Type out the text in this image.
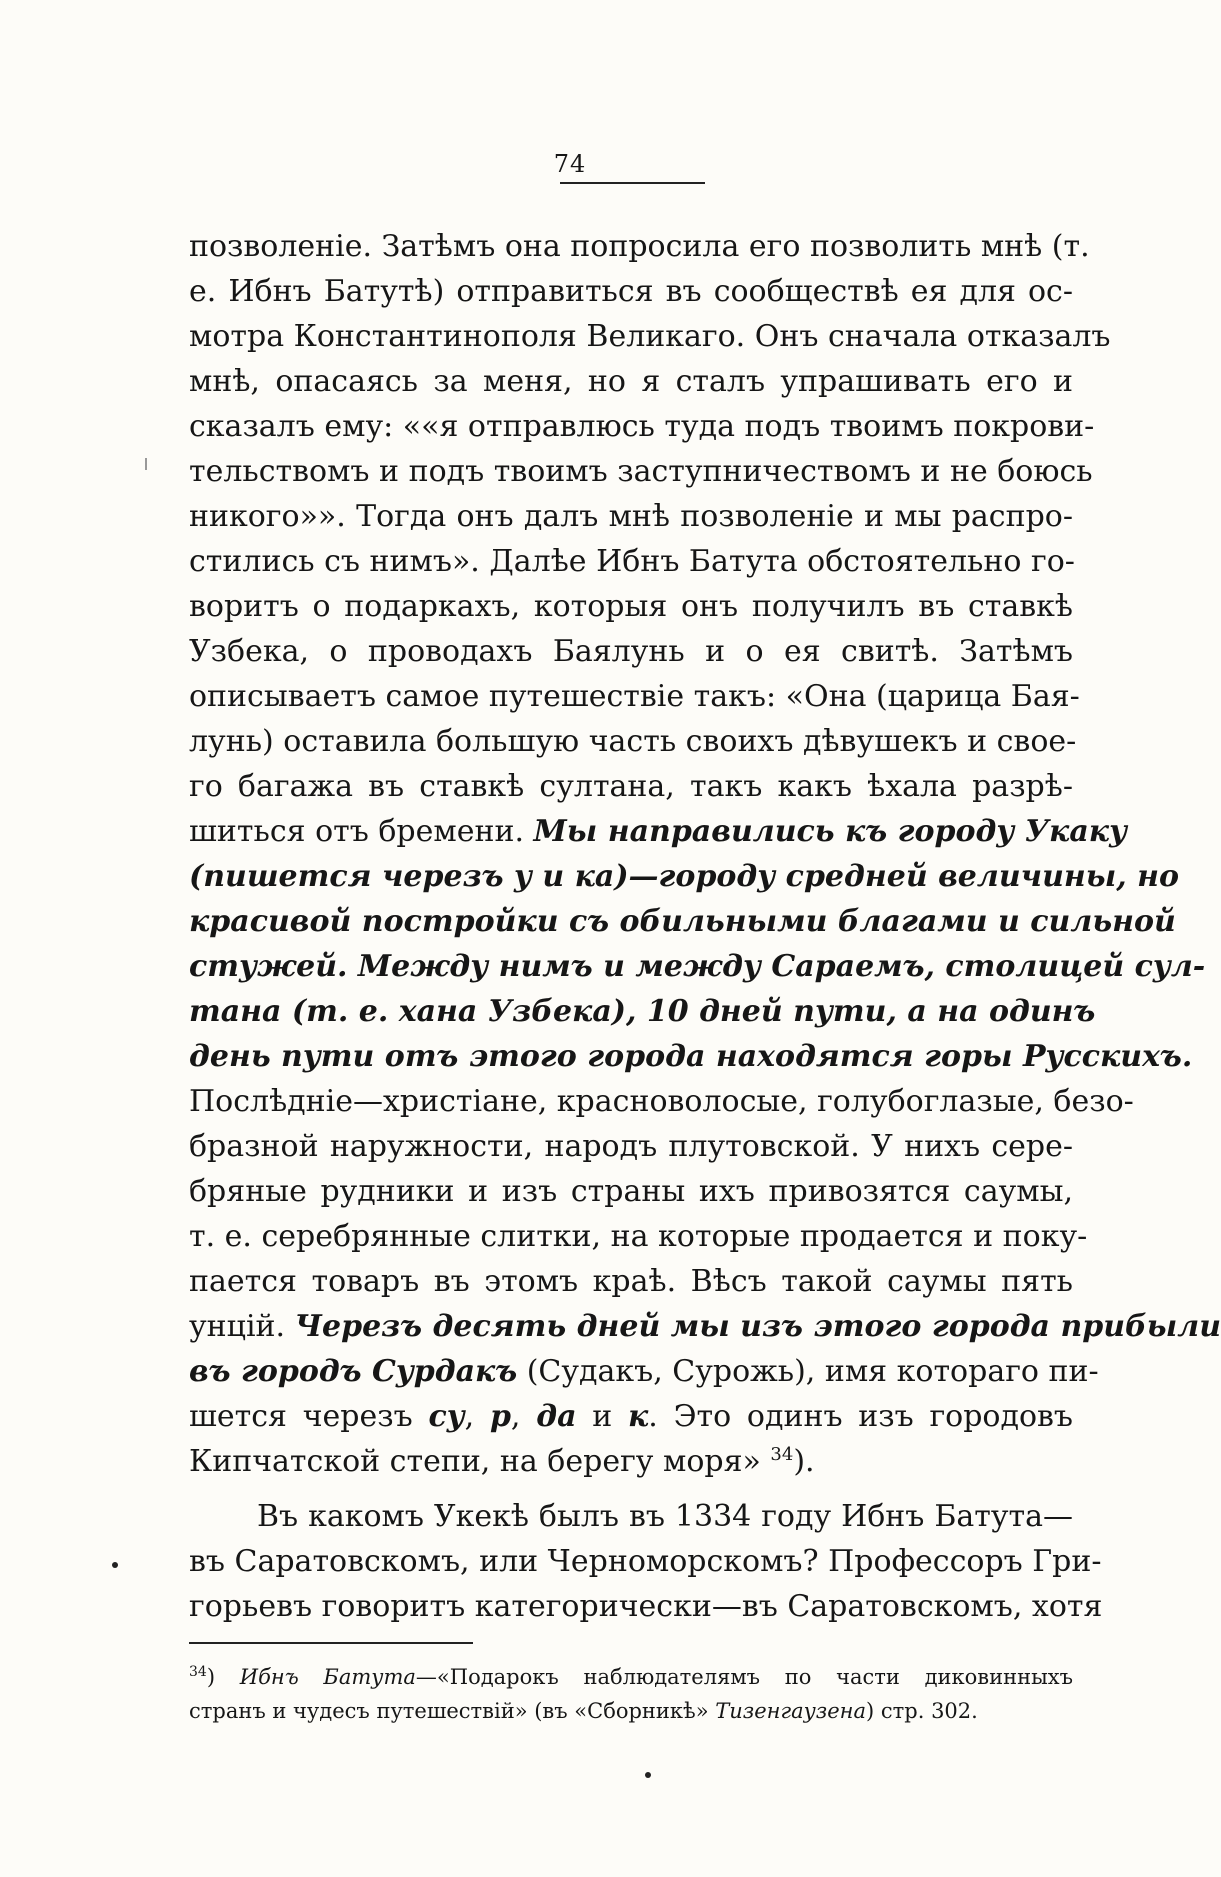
74
позволеніе. Затѣмъ она попросила его позволить мнѣ (т.
е. Ибнъ Батутѣ) отправиться въ сообществѣ ея для ос-
мотра Константинополя Великаго. Онъ сначала отказалъ
мнѣ, опасаясь за меня, но я сталъ упрашивать его и
сказалъ ему: ««я отправлюсь туда подъ твоимъ покрови-
тельствомъ и подъ твоимъ заступничествомъ и не боюсь
никого»». Тогда онъ далъ мнѣ позволеніе и мы распро-
стились съ нимъ». Далѣе Ибнъ Батута обстоятельно го-
воритъ о подаркахъ, которыя онъ получилъ въ ставкѣ
Узбека, о проводахъ Баялунь и о ея свитѣ. Затѣмъ
описываетъ самое путешествіе такъ: «Она (царица Бая-
лунь) оставила большую часть своихъ дѣвушекъ и свое-
го багажа въ ставкѣ султана, такъ какъ ѣхала разрѣ-
шиться отъ бремени. Мы направились къ городу Укаку
(пишется черезъ у и ка)—городу средней величины, но
красивой постройки съ обильными благами и сильной
стужей. Между нимъ и между Сараемъ, столицей сул-
тана (т. е. хана Узбека), 10 дней пути, а на одинъ
день пути отъ этого города находятся горы Русскихъ.
Послѣдніе—христіане, красноволосые, голубоглазые, безо-
бразной наружности, народъ плутовской. У нихъ сере-
бряные рудники и изъ страны ихъ привозятся саумы,
т. е. серебрянные слитки, на которые продается и поку-
пается товаръ въ этомъ краѣ. Вѣсъ такой саумы пять
унцій. Черезъ десять дней мы изъ этого города прибыли
въ городъ Сурдакъ (Судакъ, Сурожь), имя котораго пи-
шется черезъ су, р, да и к. Это одинъ изъ городовъ
Кипчатской степи, на берегу моря» $^{34}$).
Въ какомъ Укекѣ былъ въ 1334 году Ибнъ Батута—
въ Саратовскомъ, или Черноморскомъ? Профессоръ Гри-
горьевъ говоритъ категорически—въ Саратовскомъ, хотя
$^{34}$) Ибнъ Батута—«Подарокъ наблюдателямъ по части диковинныхъ
странъ и чудесъ путешествій» (въ «Сборникѣ» Тизенгаузена) стр. 302.
